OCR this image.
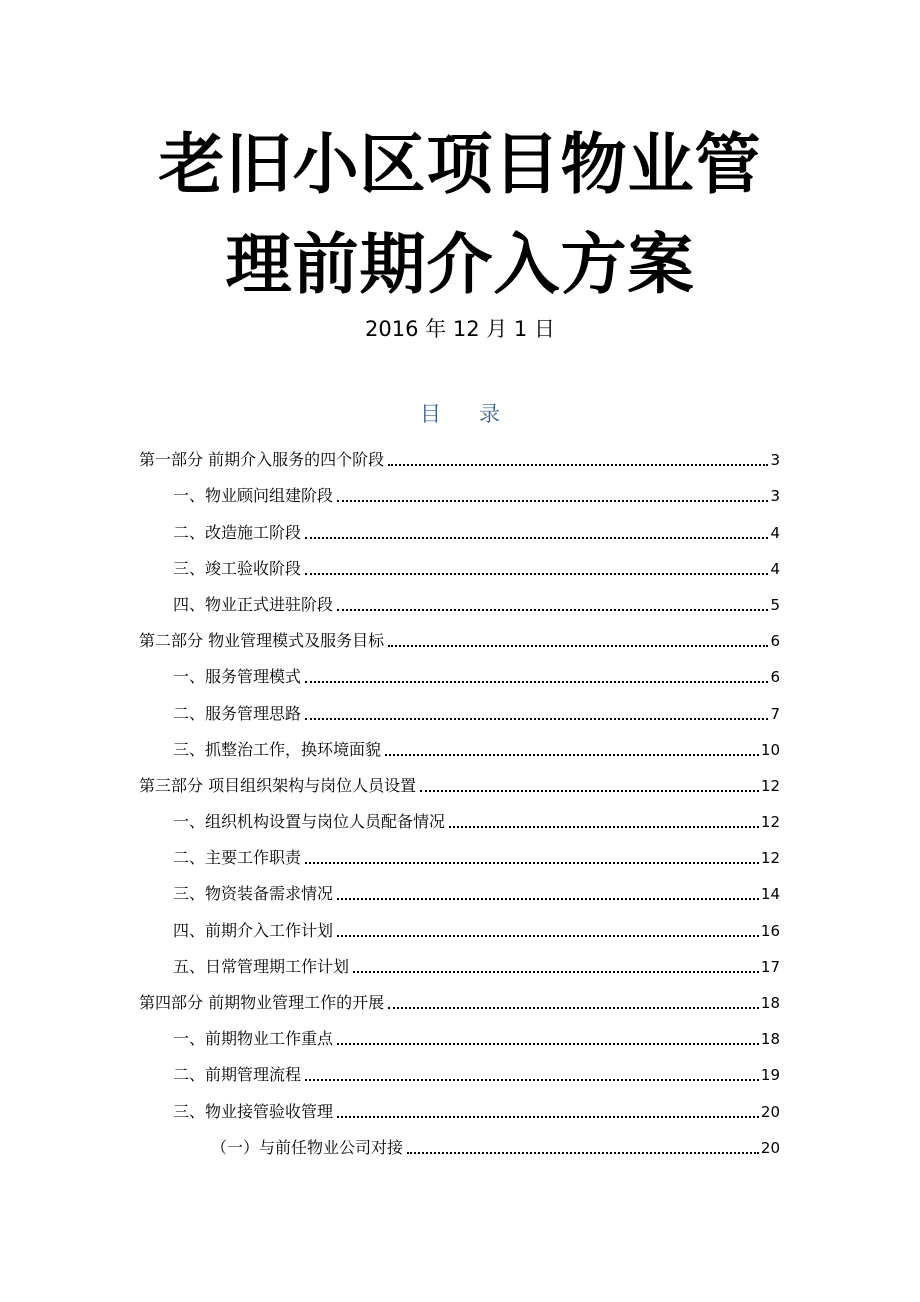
老旧小区项目物业管
理前期介入方案
2016 年 12 月 1 日
目录
第一部分 前期介入服务的四个阶段	3
一、物业顾问组建阶段	3
二、改造施工阶段	4
三、竣工验收阶段	4
四、物业正式进驻阶段	5
第二部分 物业管理模式及服务目标	6
一、服务管理模式	6
二、服务管理思路	7
三、抓整治工作，换环境面貌	10
第三部分 项目组织架构与岗位人员设置	12
一、组织机构设置与岗位人员配备情况	12
二、主要工作职责	12
三、物资装备需求情况	14
四、前期介入工作计划	16
五、日常管理期工作计划	17
第四部分 前期物业管理工作的开展	18
一、前期物业工作重点	18
二、前期管理流程	19
三、物业接管验收管理	20
（一）与前任物业公司对接	20
